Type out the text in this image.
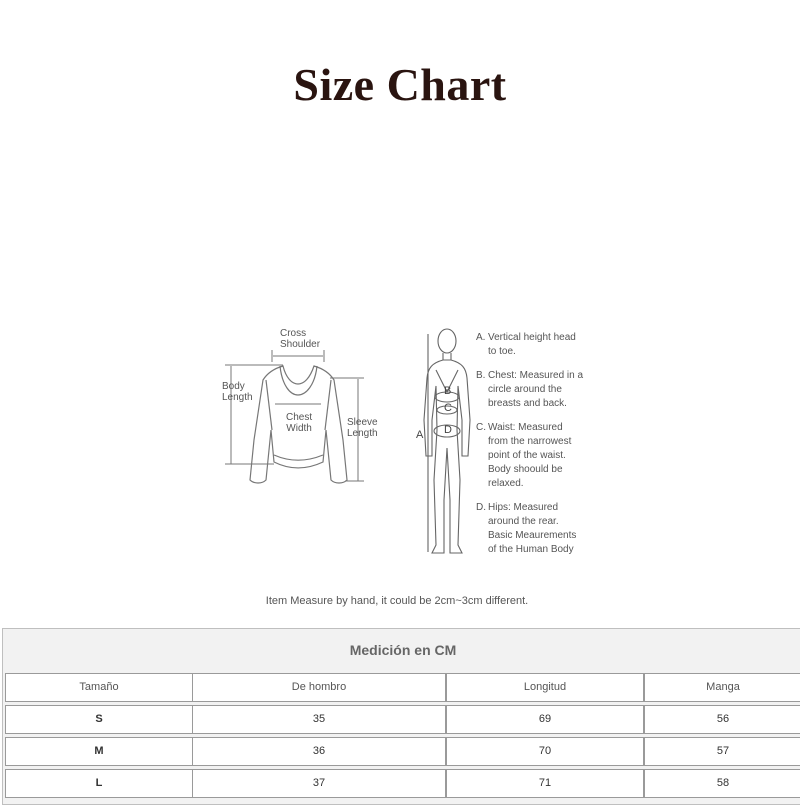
Size Chart
Cross
Shoulder
Body
Length
Chest
Width
Sleeve
Length	A
B
C
D
A. Vertical height head
to toe.
B. Chest: Measured in a
circle around the
breasts and back.
C. Waist: Measured
from the narrowest
point of the waist.
Body shoould be
relaxed.
D. Hips: Measured
around the rear.
Basic Meaurements
of the Human Body
Item Measure by hand, it could be 2cm~3cm different.
Medición en CM
Tamaño	De hombro	Longitud	Manga
S	35	69	56
M	36	70	57
L	37	71	58
